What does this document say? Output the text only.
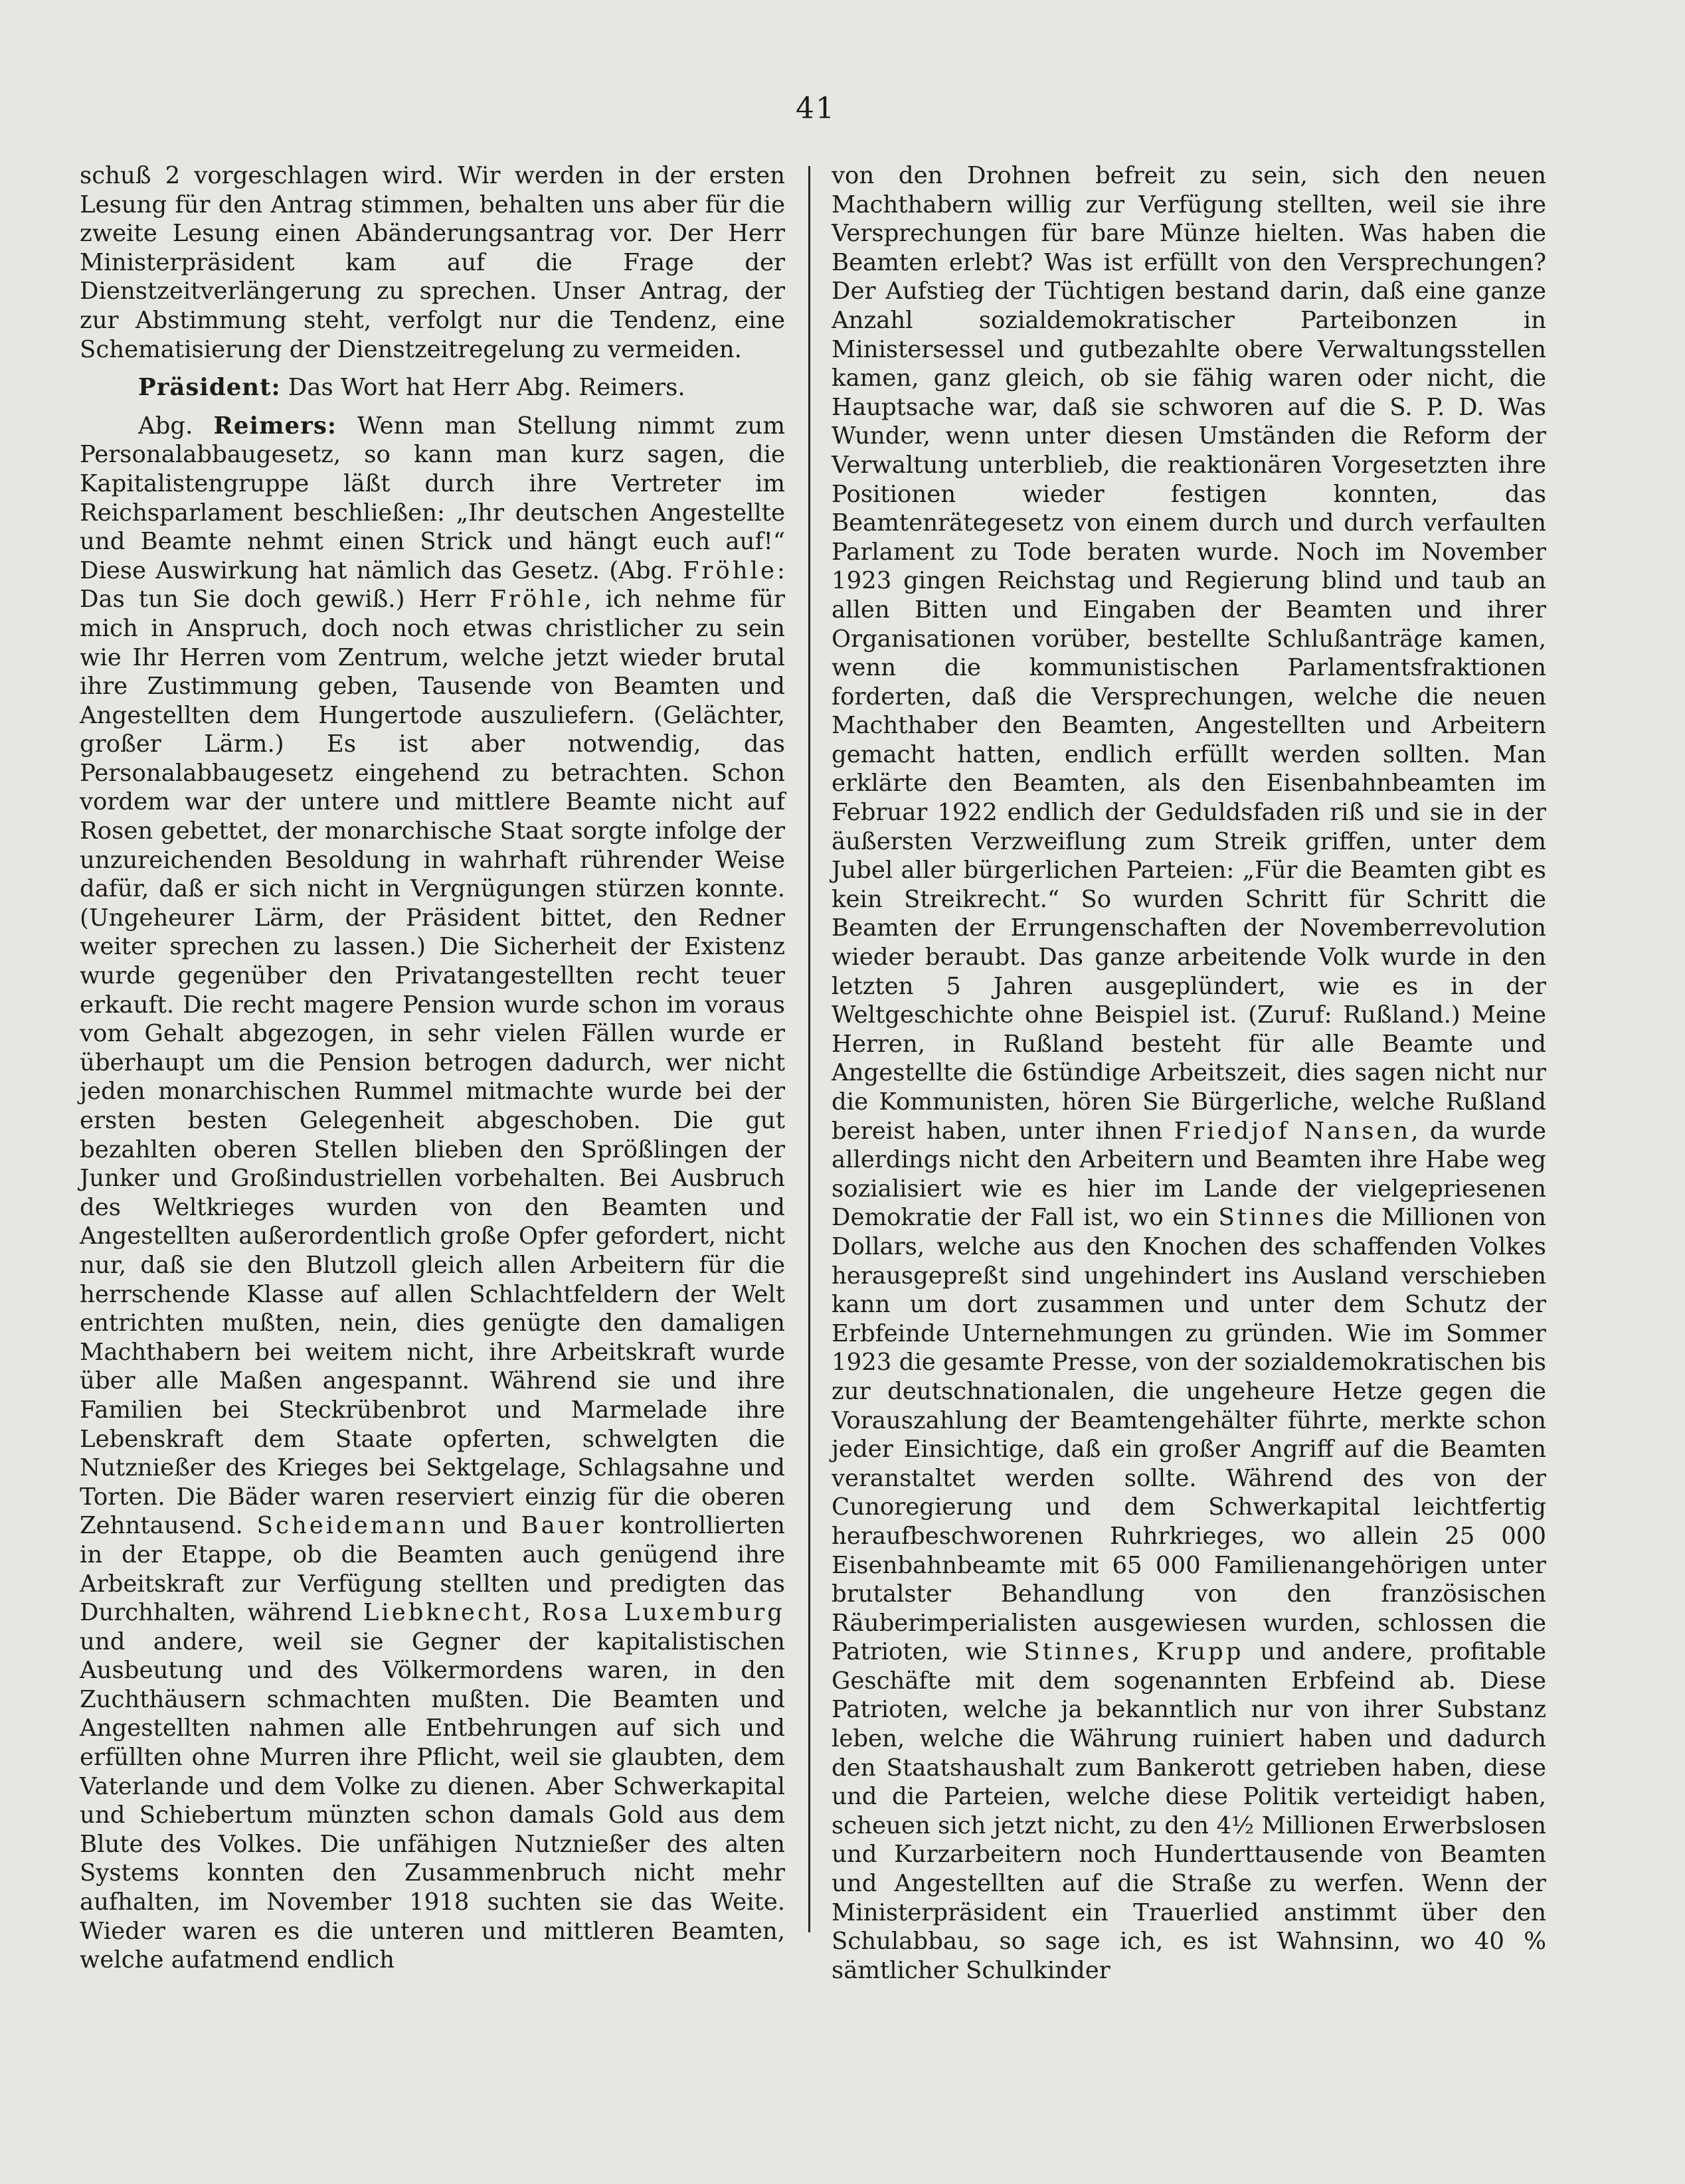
41

schuß 2 vorgeschlagen wird. Wir werden in der ersten Lesung für den Antrag stimmen, behalten uns aber für die zweite Lesung einen Abänderungsantrag vor. Der Herr Ministerpräsident kam auf die Frage der Dienstzeitverlängerung zu sprechen. Unser Antrag, der zur Abstimmung steht, verfolgt nur die Tendenz, eine Schematisierung der Dienstzeitregelung zu vermeiden.

Präsident: Das Wort hat Herr Abg. Reimers.

Abg. Reimers: Wenn man Stellung nimmt zum Personalabbaugesetz, so kann man kurz sagen, die Kapitalistengruppe läßt durch ihre Vertreter im Reichsparlament beschließen: „Ihr deutschen Angestellte und Beamte nehmt einen Strick und hängt euch auf!“ Diese Auswirkung hat nämlich das Gesetz. (Abg. Fröhle: Das tun Sie doch gewiß.) Herr Fröhle, ich nehme für mich in Anspruch, doch noch etwas christlicher zu sein wie Ihr Herren vom Zentrum, welche jetzt wieder brutal ihre Zustimmung geben, Tausende von Beamten und Angestellten dem Hungertode auszuliefern. (Gelächter, großer Lärm.) Es ist aber notwendig, das Personalabbaugesetz eingehend zu betrachten. Schon vordem war der untere und mittlere Beamte nicht auf Rosen gebettet, der monarchische Staat sorgte infolge der unzureichenden Besoldung in wahrhaft rührender Weise dafür, daß er sich nicht in Vergnügungen stürzen konnte. (Ungeheurer Lärm, der Präsident bittet, den Redner weiter sprechen zu lassen.) Die Sicherheit der Existenz wurde gegenüber den Privatangestellten recht teuer erkauft. Die recht magere Pension wurde schon im voraus vom Gehalt abgezogen, in sehr vielen Fällen wurde er überhaupt um die Pension betrogen dadurch, wer nicht jeden monarchischen Rummel mitmachte wurde bei der ersten besten Gelegenheit abgeschoben. Die gut bezahlten oberen Stellen blieben den Sprößlingen der Junker und Großindustriellen vorbehalten. Bei Ausbruch des Weltkrieges wurden von den Beamten und Angestellten außerordentlich große Opfer gefordert, nicht nur, daß sie den Blutzoll gleich allen Arbeitern für die herrschende Klasse auf allen Schlachtfeldern der Welt entrichten mußten, nein, dies genügte den damaligen Machthabern bei weitem nicht, ihre Arbeitskraft wurde über alle Maßen angespannt. Während sie und ihre Familien bei Steckrübenbrot und Marmelade ihre Lebenskraft dem Staate opferten, schwelgten die Nutznießer des Krieges bei Sektgelage, Schlagsahne und Torten. Die Bäder waren reserviert einzig für die oberen Zehntausend. Scheidemann und Bauer kontrollierten in der Etappe, ob die Beamten auch genügend ihre Arbeitskraft zur Verfügung stellten und predigten das Durchhalten, während Liebknecht, Rosa Luxemburg und andere, weil sie Gegner der kapitalistischen Ausbeutung und des Völkermordens waren, in den Zuchthäusern schmachten mußten. Die Beamten und Angestellten nahmen alle Entbehrungen auf sich und erfüllten ohne Murren ihre Pflicht, weil sie glaubten, dem Vaterlande und dem Volke zu dienen. Aber Schwerkapital und Schiebertum münzten schon damals Gold aus dem Blute des Volkes. Die unfähigen Nutznießer des alten Systems konnten den Zusammenbruch nicht mehr aufhalten, im November 1918 suchten sie das Weite. Wieder waren es die unteren und mittleren Beamten, welche aufatmend endlich

von den Drohnen befreit zu sein, sich den neuen Machthabern willig zur Verfügung stellten, weil sie ihre Versprechungen für bare Münze hielten. Was haben die Beamten erlebt? Was ist erfüllt von den Versprechungen? Der Aufstieg der Tüchtigen bestand darin, daß eine ganze Anzahl sozialdemokratischer Parteibonzen in Ministersessel und gutbezahlte obere Verwaltungsstellen kamen, ganz gleich, ob sie fähig waren oder nicht, die Hauptsache war, daß sie schworen auf die S. P. D. Was Wunder, wenn unter diesen Umständen die Reform der Verwaltung unterblieb, die reaktionären Vorgesetzten ihre Positionen wieder festigen konnten, das Beamtenrätegesetz von einem durch und durch verfaulten Parlament zu Tode beraten wurde. Noch im November 1923 gingen Reichstag und Regierung blind und taub an allen Bitten und Eingaben der Beamten und ihrer Organisationen vorüber, bestellte Schlußanträge kamen, wenn die kommunistischen Parlamentsfraktionen forderten, daß die Versprechungen, welche die neuen Machthaber den Beamten, Angestellten und Arbeitern gemacht hatten, endlich erfüllt werden sollten. Man erklärte den Beamten, als den Eisenbahnbeamten im Februar 1922 endlich der Geduldsfaden riß und sie in der äußersten Verzweiflung zum Streik griffen, unter dem Jubel aller bürgerlichen Parteien: „Für die Beamten gibt es kein Streikrecht.“ So wurden Schritt für Schritt die Beamten der Errungenschaften der Novemberrevolution wieder beraubt. Das ganze arbeitende Volk wurde in den letzten 5 Jahren ausgeplündert, wie es in der Weltgeschichte ohne Beispiel ist. (Zuruf: Rußland.) Meine Herren, in Rußland besteht für alle Beamte und Angestellte die 6stündige Arbeitszeit, dies sagen nicht nur die Kommunisten, hören Sie Bürgerliche, welche Rußland bereist haben, unter ihnen Friedjof Nansen, da wurde allerdings nicht den Arbeitern und Beamten ihre Habe weg sozialisiert wie es hier im Lande der vielgepriesenen Demokratie der Fall ist, wo ein Stinnes die Millionen von Dollars, welche aus den Knochen des schaffenden Volkes herausgepreßt sind ungehindert ins Ausland verschieben kann um dort zusammen und unter dem Schutz der Erbfeinde Unternehmungen zu gründen. Wie im Sommer 1923 die gesamte Presse, von der sozialdemokratischen bis zur deutschnationalen, die ungeheure Hetze gegen die Vorauszahlung der Beamtengehälter führte, merkte schon jeder Einsichtige, daß ein großer Angriff auf die Beamten veranstaltet werden sollte. Während des von der Cunoregierung und dem Schwerkapital leichtfertig heraufbeschworenen Ruhrkrieges, wo allein 25 000 Eisenbahnbeamte mit 65 000 Familienangehörigen unter brutalster Behandlung von den französischen Räuberimperialisten ausgewiesen wurden, schlossen die Patrioten, wie Stinnes, Krupp und andere, profitable Geschäfte mit dem sogenannten Erbfeind ab. Diese Patrioten, welche ja bekanntlich nur von ihrer Substanz leben, welche die Währung ruiniert haben und dadurch den Staatshaushalt zum Bankerott getrieben haben, diese und die Parteien, welche diese Politik verteidigt haben, scheuen sich jetzt nicht, zu den 4½ Millionen Erwerbslosen und Kurzarbeitern noch Hunderttausende von Beamten und Angestellten auf die Straße zu werfen. Wenn der Ministerpräsident ein Trauerlied anstimmt über den Schulabbau, so sage ich, es ist Wahnsinn, wo 40 % sämtlicher Schulkinder
